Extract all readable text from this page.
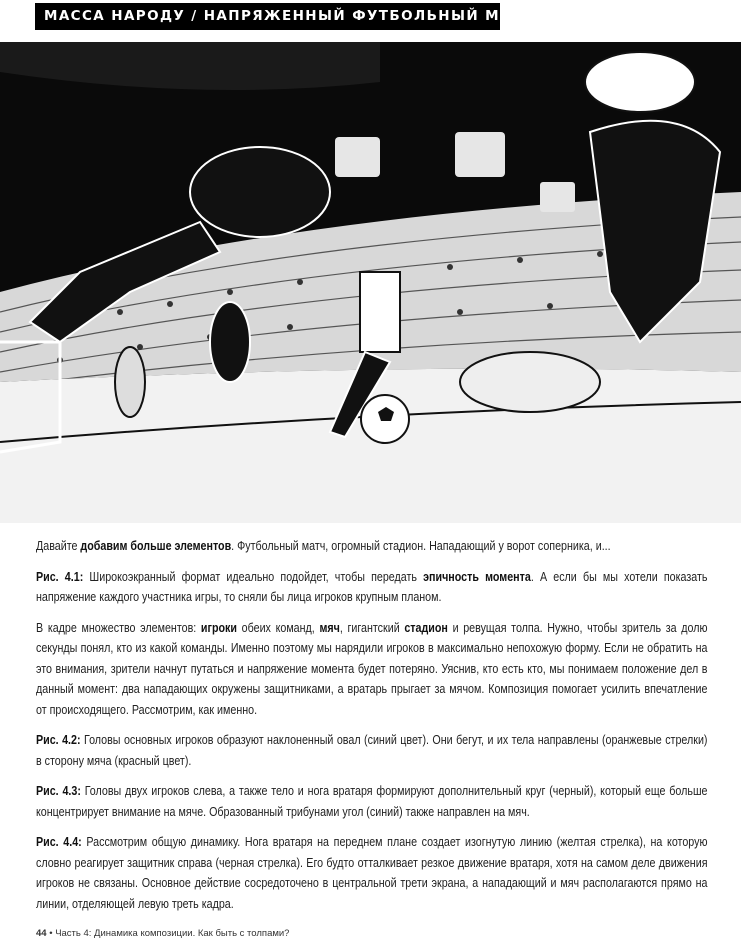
МАССА НАРОДУ / НАПРЯЖЕННЫЙ ФУТБОЛЬНЫЙ МАТЧ

Давайте добавим больше элементов. Футбольный матч, огромный стадион. Нападающий у ворот соперника, и...

Рис. 4.1: Широкоэкранный формат идеально подойдет, чтобы передать эпичность момента. А если бы мы хотели показать напряжение каждого участника игры, то сняли бы лица игроков крупным планом.

В кадре множество элементов: игроки обеих команд, мяч, гигантский стадион и ревущая толпа. Нужно, чтобы зритель за долю секунды понял, кто из какой команды. Именно поэтому мы нарядили игроков в максимально непохожую форму. Если не обратить на это внимания, зрители начнут путаться и напряжение момента будет потеряно. Уяснив, кто есть кто, мы понимаем положение дел в данный момент: два нападающих окружены защитниками, а вратарь прыгает за мячом. Композиция помогает усилить впечатление от происходящего. Рассмотрим, как именно.

Рис. 4.2: Головы основных игроков образуют наклоненный овал (синий цвет). Они бегут, и их тела направлены (оранжевые стрелки) в сторону мяча (красный цвет).

Рис. 4.3: Головы двух игроков слева, а также тело и нога вратаря формируют дополнительный круг (черный), который еще больше концентрирует внимание на мяче. Образованный трибунами угол (синий) также направлен на мяч.

Рис. 4.4: Рассмотрим общую динамику. Нога вратаря на переднем плане создает изогнутую линию (желтая стрелка), на которую словно реагирует защитник справа (черная стрелка). Его будто отталкивает резкое движение вратаря, хотя на самом деле движения игроков не связаны. Основное действие сосредоточено в центральной трети экрана, а нападающий и мяч располагаются прямо на линии, отделяющей левую треть кадра.

44 • Часть 4: Динамика композиции. Как быть с толпами?
